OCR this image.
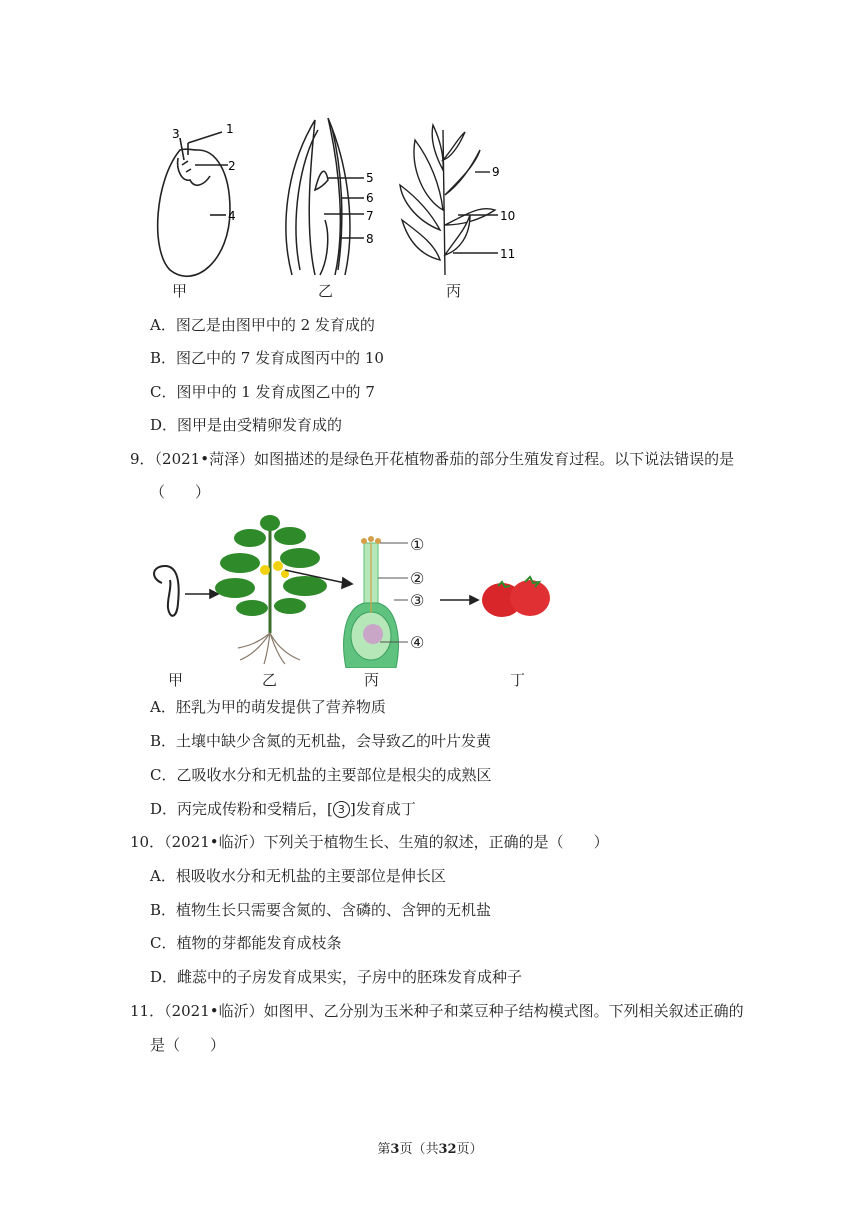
3	1
2
4
5
6
7
8
9
10
11
甲	乙	丙
A．图乙是由图甲中的 2 发育成的
B．图乙中的 7 发育成图丙中的 10
C．图甲中的 1 发育成图乙中的 7
D．图甲是由受精卵发育成的
9．（2021•菏泽）如图描述的是绿色开花植物番茄的部分生殖发育过程。以下说法错误的是
（　　）
①
②
③
④
甲	乙	丙	丁
A．胚乳为甲的萌发提供了营养物质
B．土壤中缺少含氮的无机盐，会导致乙的叶片发黄
C．乙吸收水分和无机盐的主要部位是根尖的成熟区
D．丙完成传粉和受精后，[ 3 ]发育成丁
10．（2021•临沂）下列关于植物生长、生殖的叙述，正确的是（　　）
A．根吸收水分和无机盐的主要部位是伸长区
B．植物生长只需要含氮的、含磷的、含钾的无机盐
C．植物的芽都能发育成枝条
D．雌蕊中的子房发育成果实，子房中的胚珠发育成种子
11．（2021•临沂）如图甲、乙分别为玉米种子和菜豆种子结构模式图。下列相关叙述正确的
是（　　）
第3页（共32页）
